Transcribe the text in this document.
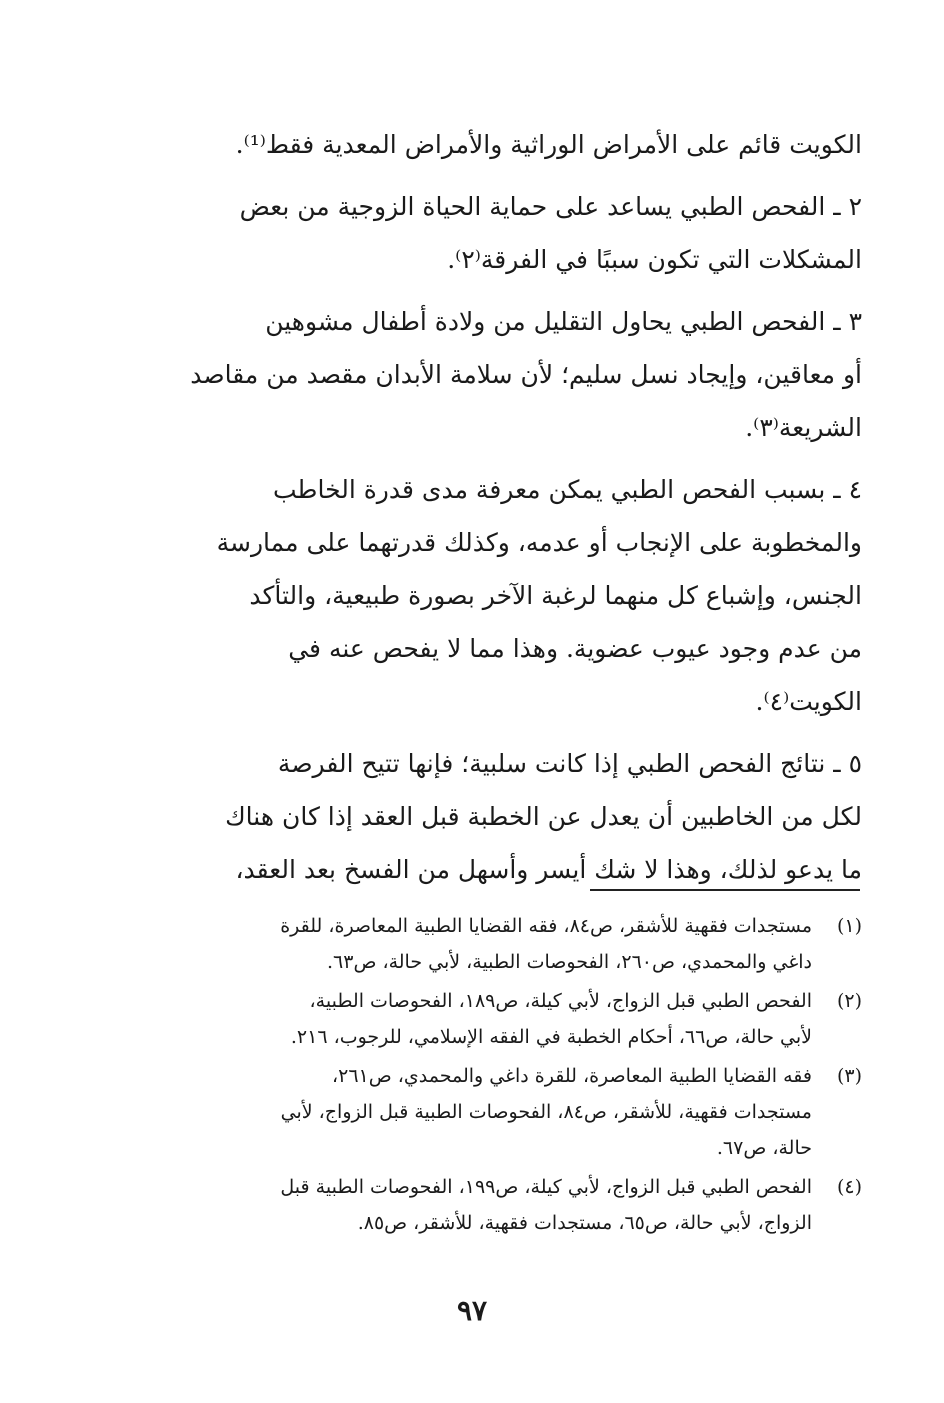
الكويت قائم على الأمراض الوراثية والأمراض المعدية فقط⁽¹⁾.

٢ ـ الفحص الطبي يساعد على حماية الحياة الزوجية من بعض
المشكلات التي تكون سببًا في الفرقة⁽٢⁾.

٣ ـ الفحص الطبي يحاول التقليل من ولادة أطفال مشوهين
أو معاقين، وإيجاد نسل سليم؛ لأن سلامة الأبدان مقصد من مقاصد
الشريعة⁽٣⁾.

٤ ـ بسبب الفحص الطبي يمكن معرفة مدى قدرة الخاطب
والمخطوبة على الإنجاب أو عدمه، وكذلك قدرتهما على ممارسة
الجنس، وإشباع كل منهما لرغبة الآخر بصورة طبيعية، والتأكد
من عدم وجود عيوب عضوية. وهذا مما لا يفحص عنه في
الكويت⁽٤⁾.

٥ ـ نتائج الفحص الطبي إذا كانت سلبية؛ فإنها تتيح الفرصة
لكل من الخاطبين أن يعدل عن الخطبة قبل العقد إذا كان هناك
ما يدعو لذلك، وهذا لا شك أيسر وأسهل من الفسخ بعد العقد،

(١)
مستجدات فقهية للأشقر، ص٨٤، فقه القضايا الطبية المعاصرة، للقرة
داغي والمحمدي، ص٢٦٠، الفحوصات الطبية، لأبي حالة، ص٦٣.
(٢)
الفحص الطبي قبل الزواج، لأبي كيلة، ص١٨٩، الفحوصات الطبية،
لأبي حالة، ص٦٦، أحكام الخطبة في الفقه الإسلامي، للرجوب، ٢١٦.
(٣)
فقه القضايا الطبية المعاصرة، للقرة داغي والمحمدي، ص٢٦١،
مستجدات فقهية، للأشقر، ص٨٤، الفحوصات الطبية قبل الزواج، لأبي
حالة، ص٦٧.
(٤)
الفحص الطبي قبل الزواج، لأبي كيلة، ص١٩٩، الفحوصات الطبية قبل
الزواج، لأبي حالة، ص٦٥، مستجدات فقهية، للأشقر، ص٨٥.
٩٧
